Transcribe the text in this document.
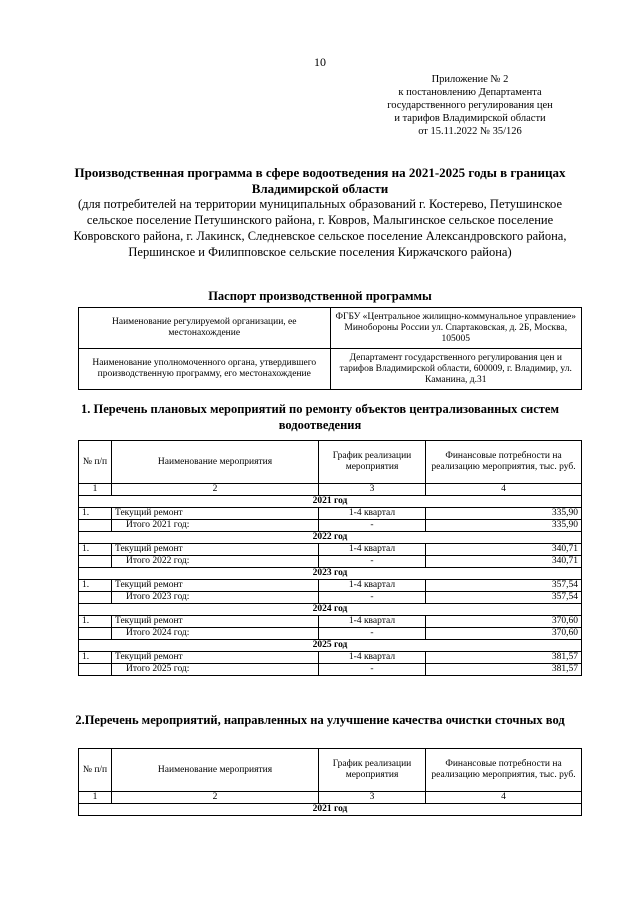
10
Приложение № 2
к постановлению Департамента
государственного регулирования цен
и тарифов Владимирской области
от 15.11.2022 № 35/126
Производственная программа в сфере водоотведения на 2021-2025 годы в границах Владимирской области
(для потребителей на территории муниципальных образований г. Костерево, Петушинское сельское поселение Петушинского района, г. Ковров, Малыгинское сельское поселение Ковровского района, г. Лакинск, Следневское сельское поселение Александровского района, Першинское и Филипповское сельские поселения Киржачского района)
Паспорт производственной программы
Наименование регулируемой организации, ее местонахождение	ФГБУ «Центральное жилищно-коммунальное управление» Минобороны России ул. Спартаковская, д. 2Б, Москва, 105005
Наименование уполномоченного органа, утвердившего производственную программу, его местонахождение	Департамент государственного регулирования цен и тарифов Владимирской области, 600009, г. Владимир, ул. Каманина, д.31
1. Перечень плановых мероприятий по ремонту объектов централизованных систем водоотведения
№ п/п	Наименование мероприятия	График реализации мероприятия	Финансовые потребности на реализацию мероприятия, тыс. руб.
1	2	3	4
2021 год			
1.	Текущий ремонт	1-4 квартал	335,90
	Итого 2021 год:	-	335,90
2022 год			
1.	Текущий ремонт	1-4 квартал	340,71
	Итого 2022 год:	-	340,71
2023 год			
1.	Текущий ремонт	1-4 квартал	357,54
	Итого 2023 год:	-	357,54
2024 год			
1.	Текущий ремонт	1-4 квартал	370,60
	Итого 2024 год:	-	370,60
2025 год			
1.	Текущий ремонт	1-4 квартал	381,57
	Итого 2025 год:	-	381,57
2.Перечень мероприятий, направленных на улучшение качества очистки сточных вод
№ п/п	Наименование мероприятия	График реализации мероприятия	Финансовые потребности на реализацию мероприятия, тыс. руб.
1	2	3	4
2021 год			
